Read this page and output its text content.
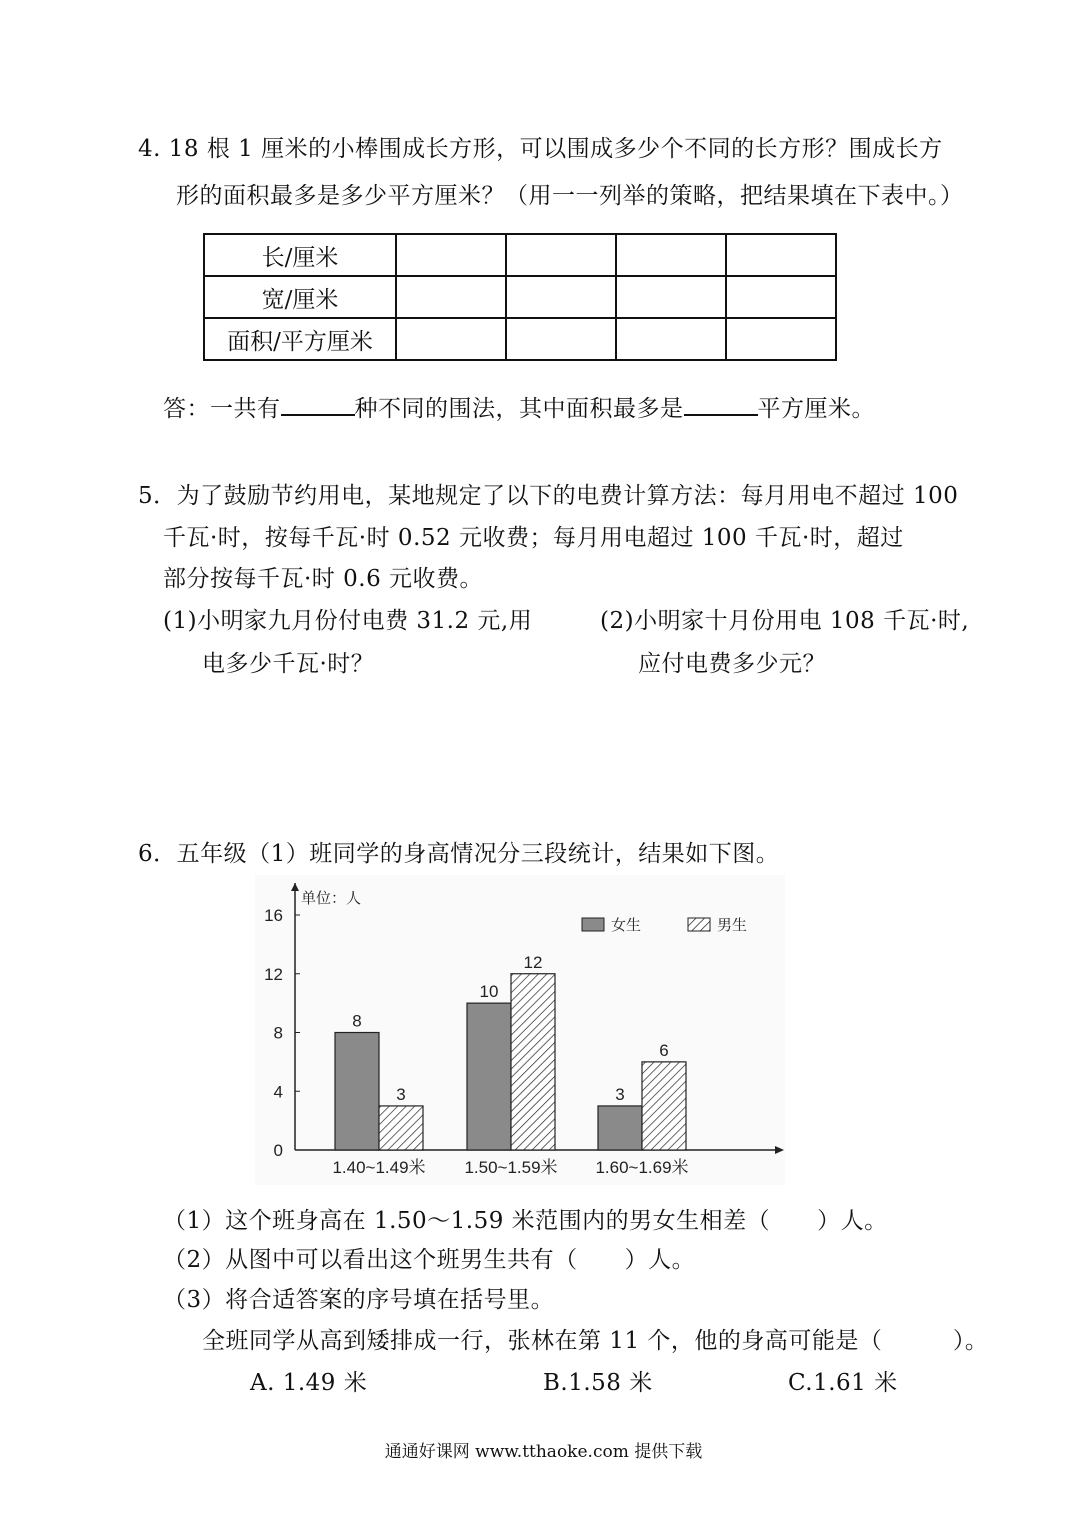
4. 18 根 1 厘米的小棒围成长方形，可以围成多少个不同的长方形？围成长方
形的面积最多是多少平方厘米？（用一一列举的策略，把结果填在下表中。）
长/厘米				
宽/厘米				
面积/平方厘米				
答：一共有	种不同的围法，其中面积最多是	平方厘米。
5．为了鼓励节约用电，某地规定了以下的电费计算方法：每月用电不超过 100
千瓦·时，按每千瓦·时 0.52 元收费；每月用电超过 100 千瓦·时，超过
部分按每千瓦·时 0.6 元收费。
(1)小明家九月份付电费 31.2 元,用
电多少千瓦·时？
(2)小明家十月份用电 108 千瓦·时,
应付电费多少元？
6．五年级（1）班同学的身高情况分三段统计，结果如下图。
单位：人
0
4
8
12
16	女生	男生
8
3
1.40~1.49米
10
12
1.50~1.59米
3
6
1.60~1.69米
（1）这个班身高在 1.50～1.59 米范围内的男女生相差（　　）人。
（2）从图中可以看出这个班男生共有（　　）人。
（3）将合适答案的序号填在括号里。
全班同学从高到矮排成一行，张林在第 11 个，他的身高可能是（　　　）。
A. 1.49 米	B.1.58 米	C.1.61 米
通通好课网 www.tthaoke.com 提供下载
